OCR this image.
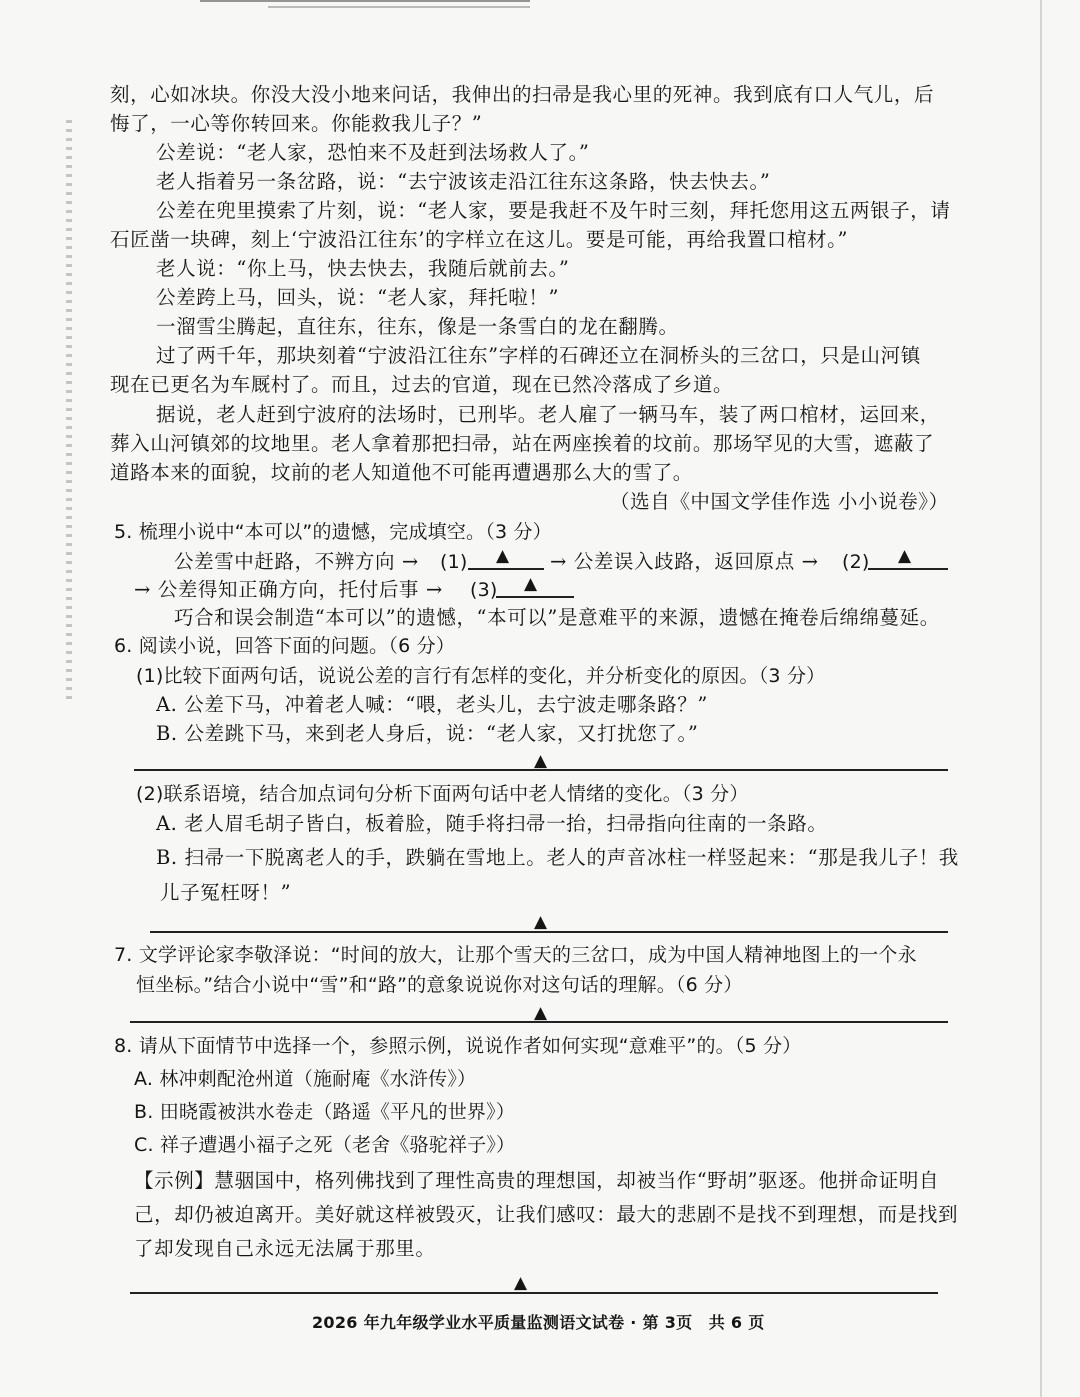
刻，心如冰块。你没大没小地来问话，我伸出的扫帚是我心里的死神。我到底有口人气儿，后
悔了，一心等你转回来。你能救我儿子？”
公差说：“老人家，恐怕来不及赶到法场救人了。”
老人指着另一条岔路，说：“去宁波该走沿江往东这条路，快去快去。”
公差在兜里摸索了片刻，说：“老人家，要是我赶不及午时三刻，拜托您用这五两银子，请
石匠凿一块碑，刻上‘宁波沿江往东’的字样立在这儿。要是可能，再给我置口棺材。”
老人说：“你上马，快去快去，我随后就前去。”
公差跨上马，回头，说：“老人家，拜托啦！”
一溜雪尘腾起，直往东，往东，像是一条雪白的龙在翻腾。
过了两千年，那块刻着“宁波沿江往东”字样的石碑还立在洞桥头的三岔口，只是山河镇
现在已更名为车厩村了。而且，过去的官道，现在已然冷落成了乡道。
据说，老人赶到宁波府的法场时，已刑毕。老人雇了一辆马车，装了两口棺材，运回来，
葬入山河镇郊的坟地里。老人拿着那把扫帚，站在两座挨着的坟前。那场罕见的大雪，遮蔽了
道路本来的面貌，坟前的老人知道他不可能再遭遇那么大的雪了。
（选自《中国文学佳作选 小小说卷》）
5. 梳理小说中“本可以”的遗憾，完成填空。（3 分）
公差雪中赶路，不辨方向 → (1) ▲ → 公差误入歧路，返回原点 → (2) ▲
→ 公差得知正确方向，托付后事 → (3) ▲
巧合和误会制造“本可以”的遗憾，“本可以”是意难平的来源，遗憾在掩卷后绵绵蔓延。
6. 阅读小说，回答下面的问题。（6 分）
(1)比较下面两句话，说说公差的言行有怎样的变化，并分析变化的原因。（3 分）
A. 公差下马，冲着老人喊：“喂，老头儿，去宁波走哪条路？”
B. 公差跳下马，来到老人身后，说：“老人家，又打扰您了。”
▲
(2)联系语境，结合加点词句分析下面两句话中老人情绪的变化。（3 分）
A. 老人眉毛胡子皆白，板着脸，随手将扫帚一抬，扫帚指向往南的一条路。
B. 扫帚一下脱离老人的手，跌躺在雪地上。老人的声音冰柱一样竖起来：“那是我儿子！我
儿子冤枉呀！”
▲
7. 文学评论家李敬泽说：“时间的放大，让那个雪天的三岔口，成为中国人精神地图上的一个永
恒坐标。”结合小说中“雪”和“路”的意象说说你对这句话的理解。（6 分）
▲
8. 请从下面情节中选择一个，参照示例，说说作者如何实现“意难平”的。（5 分）
A. 林冲刺配沧州道（施耐庵《水浒传》）
B. 田晓霞被洪水卷走（路遥《平凡的世界》）
C. 祥子遭遇小福子之死（老舍《骆驼祥子》）
【示例】慧骃国中，格列佛找到了理性高贵的理想国，却被当作“野胡”驱逐。他拼命证明自
己，却仍被迫离开。美好就这样被毁灭，让我们感叹：最大的悲剧不是找不到理想，而是找到
了却发现自己永远无法属于那里。
▲
2026 年九年级学业水平质量监测语文试卷 · 第 3页　共 6 页
